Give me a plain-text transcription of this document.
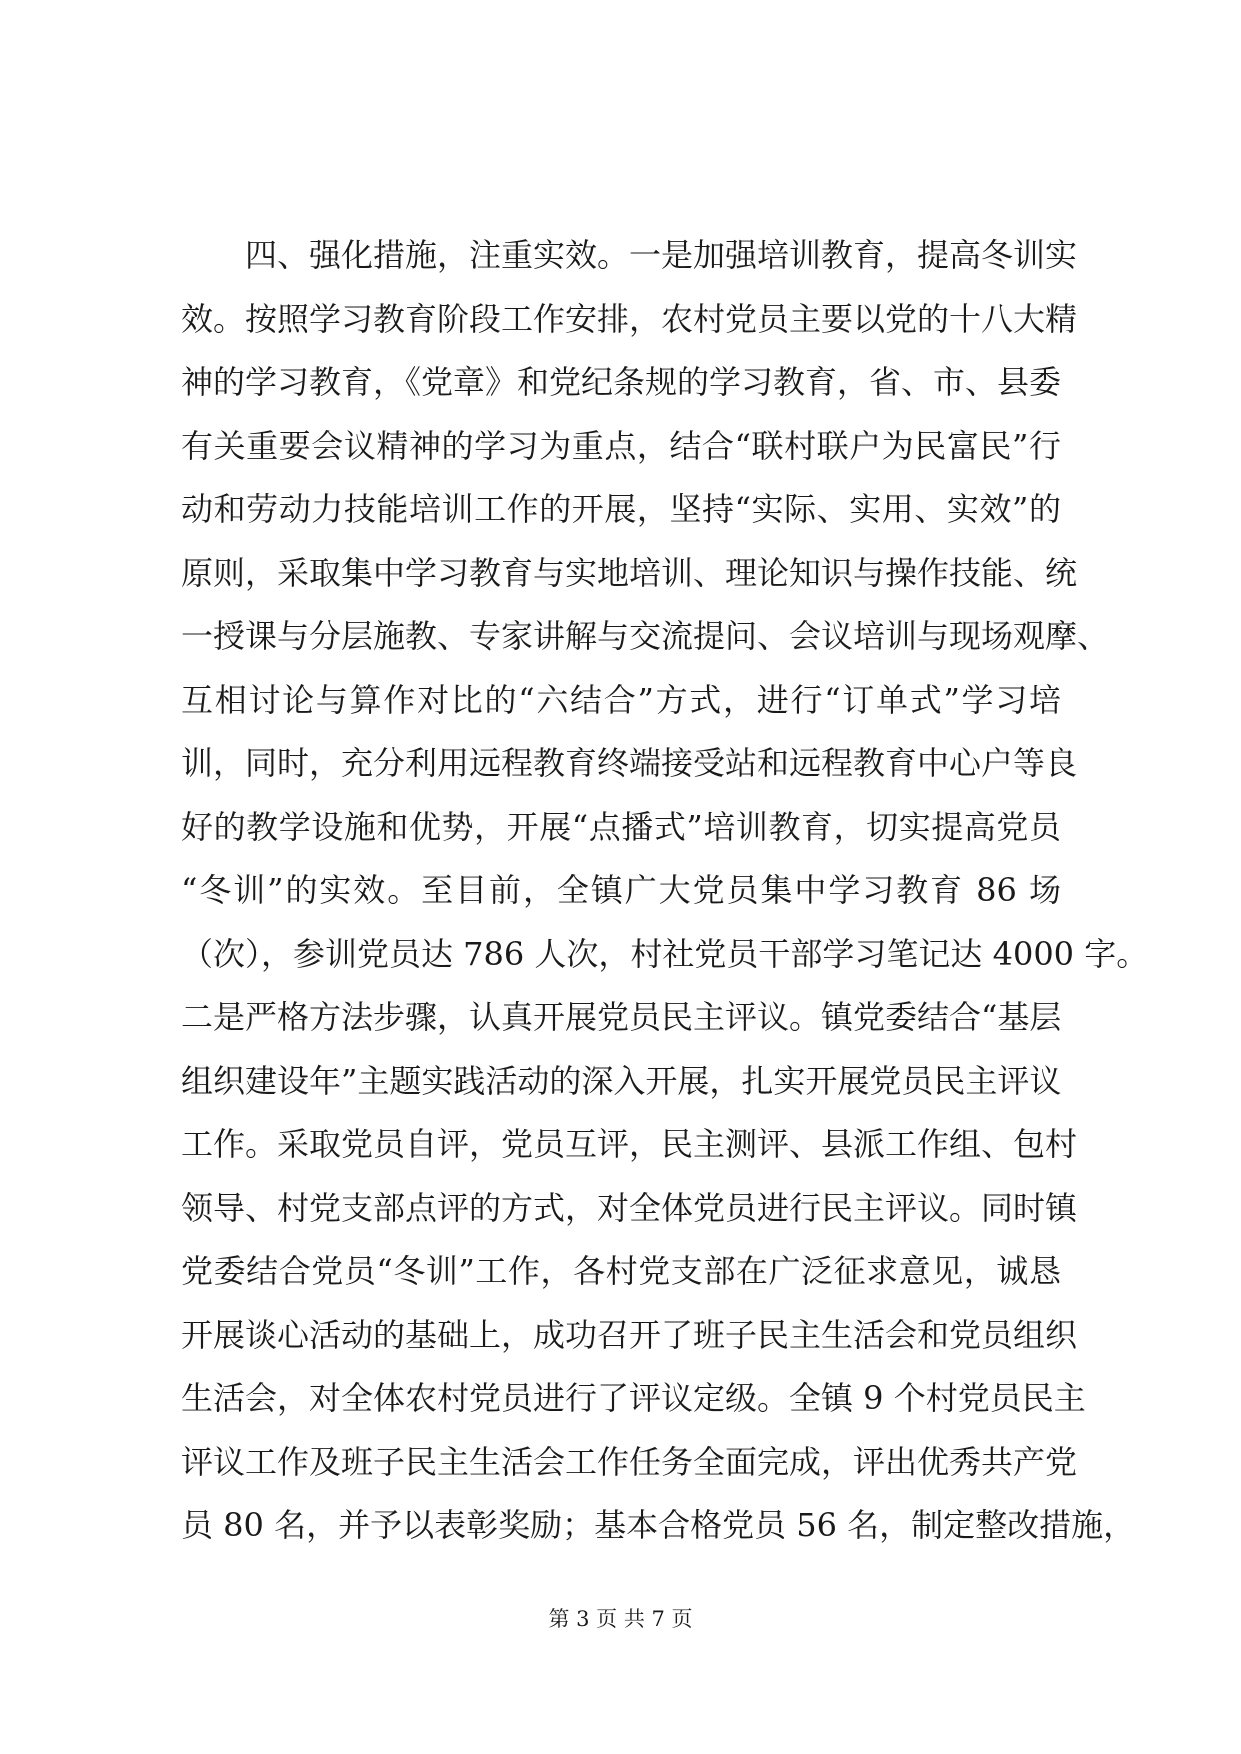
四、强化措施，注重实效。一是加强培训教育，提高冬训实
效。按照学习教育阶段工作安排，农村党员主要以党的十八大精
神的学习教育，《党章》和党纪条规的学习教育，省、市、县委
有关重要会议精神的学习为重点，结合“联村联户为民富民”行
动和劳动力技能培训工作的开展，坚持“实际、实用、实效”的
原则，采取集中学习教育与实地培训、理论知识与操作技能、统
一授课与分层施教、专家讲解与交流提问、会议培训与现场观摩、
互相讨论与算作对比的“六结合”方式，进行“订单式”学习培
训，同时，充分利用远程教育终端接受站和远程教育中心户等良
好的教学设施和优势，开展“点播式”培训教育，切实提高党员
“冬训”的实效。至目前，全镇广大党员集中学习教育 86 场
（次），参训党员达 786 人次，村社党员干部学习笔记达 4000 字。
二是严格方法步骤，认真开展党员民主评议。镇党委结合“基层
组织建设年”主题实践活动的深入开展，扎实开展党员民主评议
工作。采取党员自评，党员互评，民主测评、县派工作组、包村
领导、村党支部点评的方式，对全体党员进行民主评议。同时镇
党委结合党员“冬训”工作，各村党支部在广泛征求意见，诚恳
开展谈心活动的基础上，成功召开了班子民主生活会和党员组织
生活会，对全体农村党员进行了评议定级。全镇 9 个村党员民主
评议工作及班子民主生活会工作任务全面完成，评出优秀共产党
员 80 名，并予以表彰奖励；基本合格党员 56 名，制定整改措施，
第 3 页 共 7 页
